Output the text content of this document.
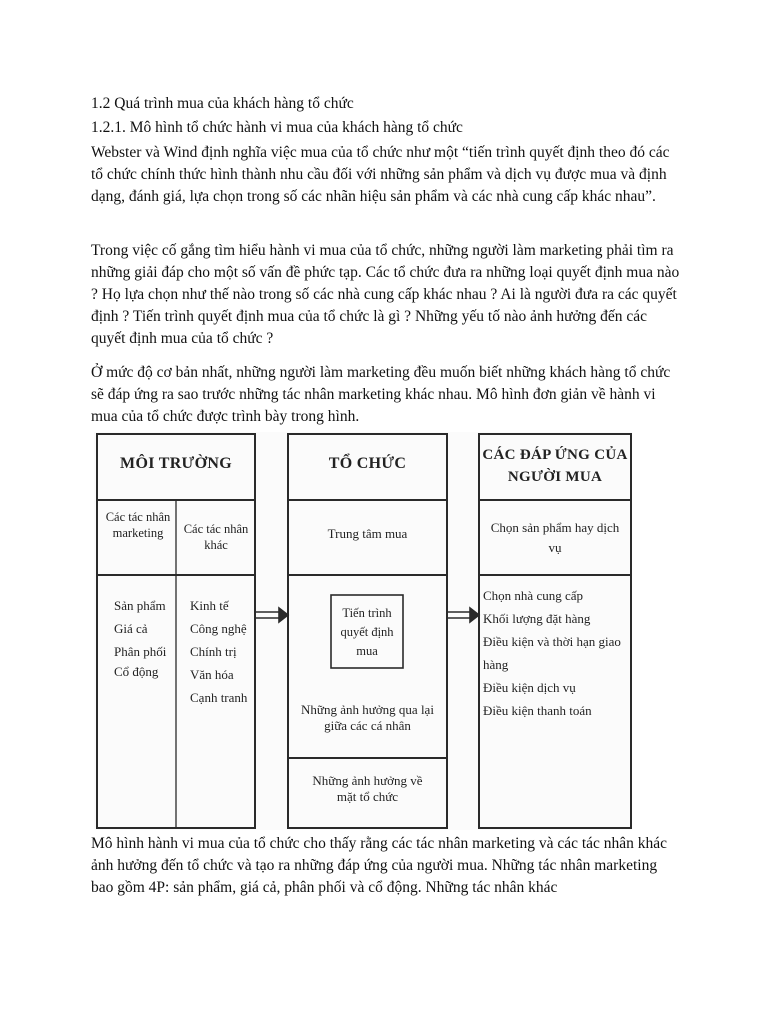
1.2 Quá trình mua của khách hàng tổ chức
1.2.1. Mô hình tổ chức hành vi mua của khách hàng tổ chức

Webster và Wind định nghĩa việc mua của tổ chức như một “tiến trình quyết định theo đó các tổ chức chính thức hình thành nhu cầu đối với những sản phẩm và dịch vụ được mua và định dạng, đánh giá, lựa chọn trong số các nhãn hiệu sản phẩm và các nhà cung cấp khác nhau”.

Trong việc cố gắng tìm hiểu hành vi mua của tổ chức, những người làm marketing phải tìm ra những giải đáp cho một số vấn đề phức tạp. Các tổ chức đưa ra những loại quyết định mua nào ? Họ lựa chọn như thế nào trong số các nhà cung cấp khác nhau ? Ai là người đưa ra các quyết định ? Tiến trình quyết định mua của tổ chức là gì ? Những yếu tố nào ảnh hưởng đến các quyết định mua của tổ chức ?

Ở mức độ cơ bản nhất, những người làm marketing đều muốn biết những khách hàng tổ chức sẽ đáp ứng ra sao trước những tác nhân marketing khác nhau. Mô hình đơn giản về hành vi mua của tổ chức được trình bày trong hình.

MÔI TRƯỜNG
Các tác nhân marketing	Các tác nhân khác
Sản phẩm
Giá cả
Phân phối
Cổ động
Kinh tế
Công nghệ
Chính trị
Văn hóa
Cạnh tranh
TỔ CHỨC
Trung tâm mua
Tiến trình quyết định mua
Những ảnh hưởng qua lại giữa các cá nhân
Những ảnh hưởng về mặt tổ chức
CÁC ĐÁP ỨNG CỦA NGƯỜI MUA
Chọn sản phẩm hay dịch vụ
Chọn nhà cung cấp
Khối lượng đặt hàng
Điều kiện và thời hạn giao hàng
Điều kiện dịch vụ
Điều kiện thanh toán

Mô hình hành vi mua của tổ chức cho thấy rằng các tác nhân marketing và các tác nhân khác ảnh hưởng đến tổ chức và tạo ra những đáp ứng của người mua. Những tác nhân marketing bao gồm 4P: sản phẩm, giá cả, phân phối và cổ động. Những tác nhân khác
